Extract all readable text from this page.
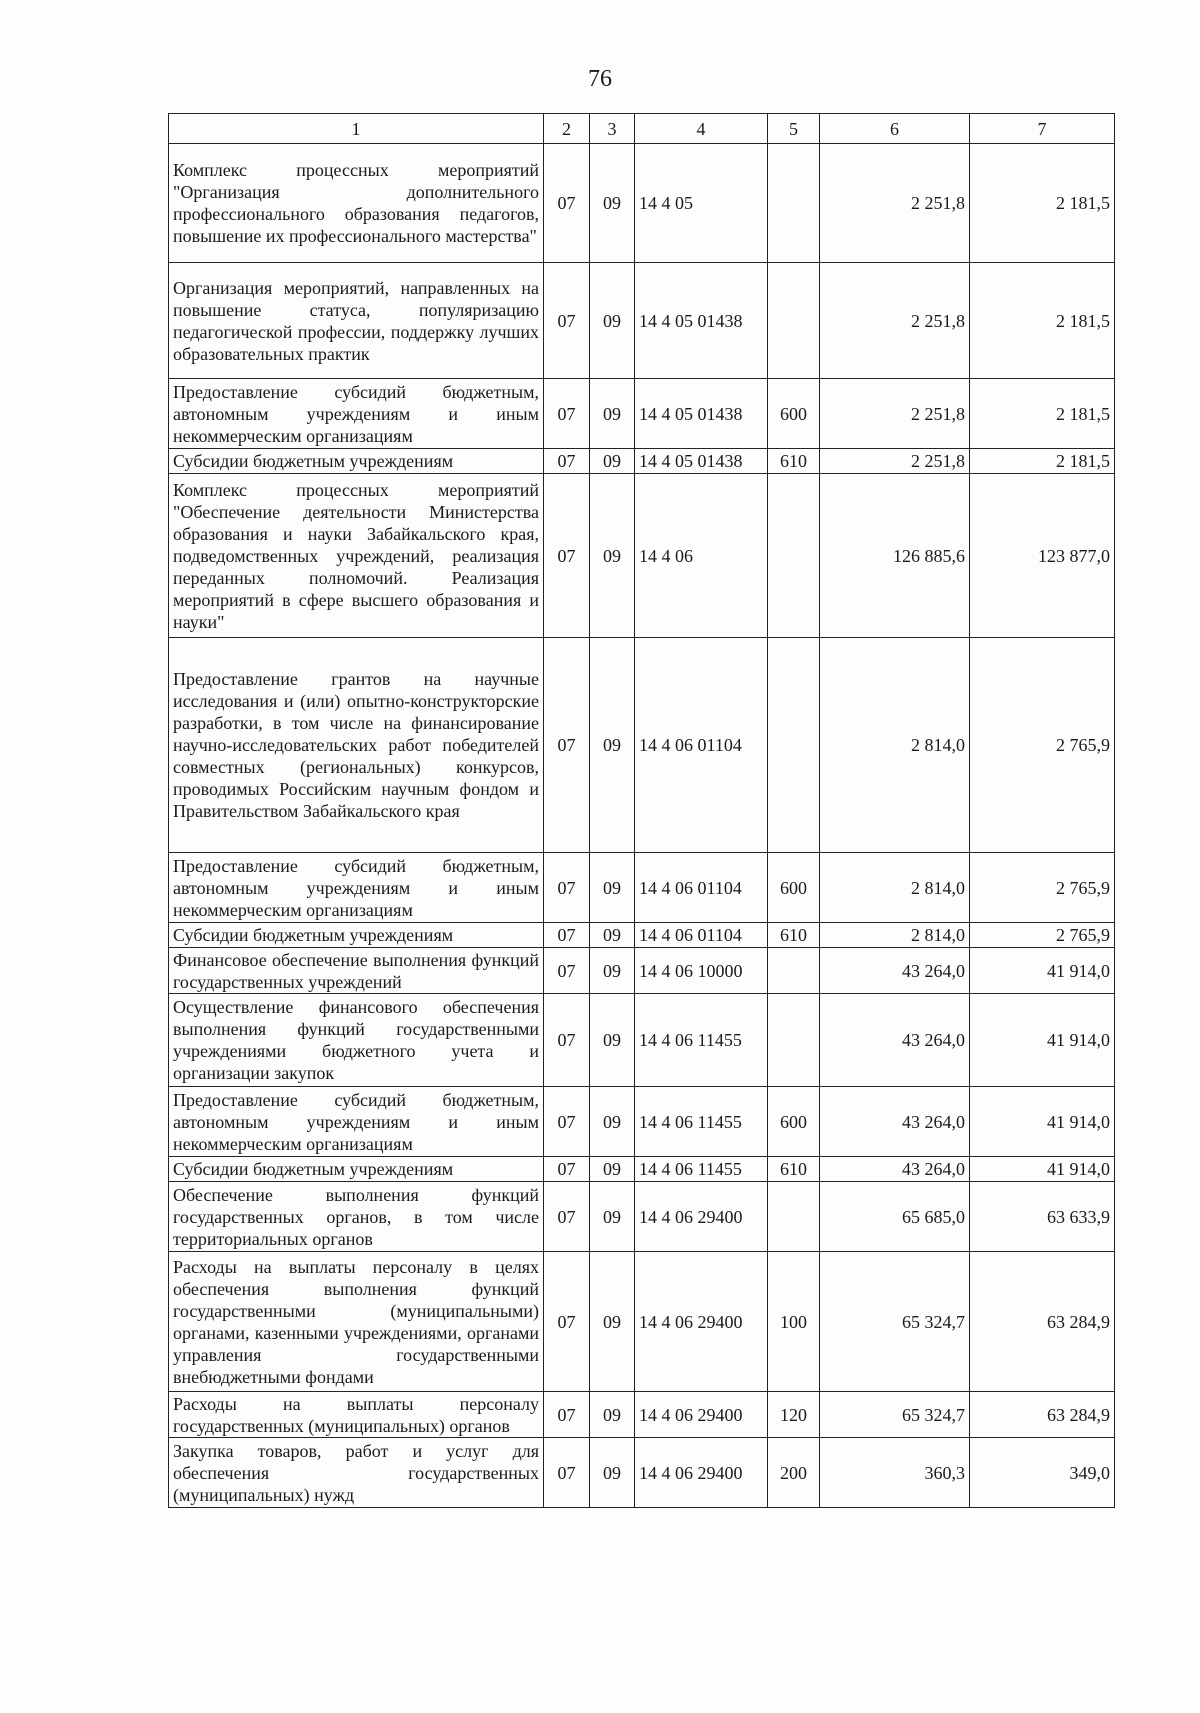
76
1	2	3	4	5	6	7
Комплекс процессных мероприятий "Организация дополнительного профессионального образования педагогов, повышение их профессионального мастерства"	07	09	14 4 05		2 251,8	2 181,5
Организация мероприятий, направленных на повышение статуса, популяризацию педагогической профессии, поддержку лучших образовательных практик	07	09	14 4 05 01438		2 251,8	2 181,5
Предоставление субсидий бюджетным, автономным учреждениям и иным некоммерческим организациям	07	09	14 4 05 01438	600	2 251,8	2 181,5
Субсидии бюджетным учреждениям	07	09	14 4 05 01438	610	2 251,8	2 181,5
Комплекс процессных мероприятий "Обеспечение деятельности Министерства образования и науки Забайкальского края, подведомственных учреждений, реализация переданных полномочий. Реализация мероприятий в сфере высшего образования и науки"	07	09	14 4 06		126 885,6	123 877,0
Предоставление грантов на научные исследования и (или) опытно-конструкторские разработки, в том числе на финансирование научно-исследовательских работ победителей совместных (региональных) конкурсов, проводимых Российским научным фондом и Правительством Забайкальского края	07	09	14 4 06 01104		2 814,0	2 765,9
Предоставление субсидий бюджетным, автономным учреждениям и иным некоммерческим организациям	07	09	14 4 06 01104	600	2 814,0	2 765,9
Субсидии бюджетным учреждениям	07	09	14 4 06 01104	610	2 814,0	2 765,9
Финансовое обеспечение выполнения функций государственных учреждений	07	09	14 4 06 10000		43 264,0	41 914,0
Осуществление финансового обеспечения выполнения функций государственными учреждениями бюджетного учета и организации закупок	07	09	14 4 06 11455		43 264,0	41 914,0
Предоставление субсидий бюджетным, автономным учреждениям и иным некоммерческим организациям	07	09	14 4 06 11455	600	43 264,0	41 914,0
Субсидии бюджетным учреждениям	07	09	14 4 06 11455	610	43 264,0	41 914,0
Обеспечение выполнения функций государственных органов, в том числе территориальных органов	07	09	14 4 06 29400		65 685,0	63 633,9
Расходы на выплаты персоналу в целях обеспечения выполнения функций государственными (муниципальными) органами, казенными учреждениями, органами управления государственными внебюджетными фондами	07	09	14 4 06 29400	100	65 324,7	63 284,9
Расходы на выплаты персоналу государственных (муниципальных) органов	07	09	14 4 06 29400	120	65 324,7	63 284,9
Закупка товаров, работ и услуг для обеспечения государственных (муниципальных) нужд	07	09	14 4 06 29400	200	360,3	349,0
